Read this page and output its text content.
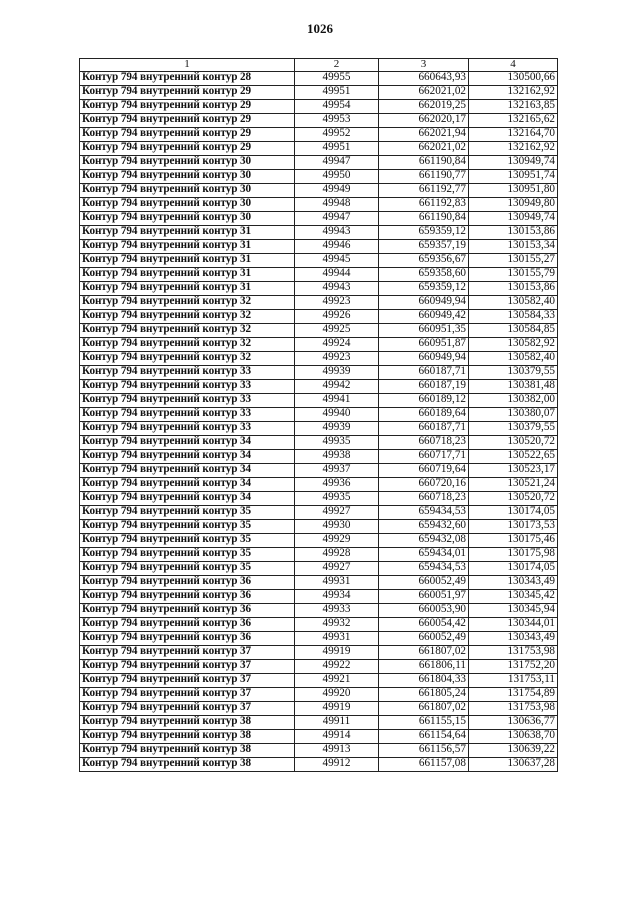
1026
1	2	3	4
Контур 794 внутренний контур 28	49955	660643,93	130500,66
Контур 794 внутренний контур 29	49951	662021,02	132162,92
Контур 794 внутренний контур 29	49954	662019,25	132163,85
Контур 794 внутренний контур 29	49953	662020,17	132165,62
Контур 794 внутренний контур 29	49952	662021,94	132164,70
Контур 794 внутренний контур 29	49951	662021,02	132162,92
Контур 794 внутренний контур 30	49947	661190,84	130949,74
Контур 794 внутренний контур 30	49950	661190,77	130951,74
Контур 794 внутренний контур 30	49949	661192,77	130951,80
Контур 794 внутренний контур 30	49948	661192,83	130949,80
Контур 794 внутренний контур 30	49947	661190,84	130949,74
Контур 794 внутренний контур 31	49943	659359,12	130153,86
Контур 794 внутренний контур 31	49946	659357,19	130153,34
Контур 794 внутренний контур 31	49945	659356,67	130155,27
Контур 794 внутренний контур 31	49944	659358,60	130155,79
Контур 794 внутренний контур 31	49943	659359,12	130153,86
Контур 794 внутренний контур 32	49923	660949,94	130582,40
Контур 794 внутренний контур 32	49926	660949,42	130584,33
Контур 794 внутренний контур 32	49925	660951,35	130584,85
Контур 794 внутренний контур 32	49924	660951,87	130582,92
Контур 794 внутренний контур 32	49923	660949,94	130582,40
Контур 794 внутренний контур 33	49939	660187,71	130379,55
Контур 794 внутренний контур 33	49942	660187,19	130381,48
Контур 794 внутренний контур 33	49941	660189,12	130382,00
Контур 794 внутренний контур 33	49940	660189,64	130380,07
Контур 794 внутренний контур 33	49939	660187,71	130379,55
Контур 794 внутренний контур 34	49935	660718,23	130520,72
Контур 794 внутренний контур 34	49938	660717,71	130522,65
Контур 794 внутренний контур 34	49937	660719,64	130523,17
Контур 794 внутренний контур 34	49936	660720,16	130521,24
Контур 794 внутренний контур 34	49935	660718,23	130520,72
Контур 794 внутренний контур 35	49927	659434,53	130174,05
Контур 794 внутренний контур 35	49930	659432,60	130173,53
Контур 794 внутренний контур 35	49929	659432,08	130175,46
Контур 794 внутренний контур 35	49928	659434,01	130175,98
Контур 794 внутренний контур 35	49927	659434,53	130174,05
Контур 794 внутренний контур 36	49931	660052,49	130343,49
Контур 794 внутренний контур 36	49934	660051,97	130345,42
Контур 794 внутренний контур 36	49933	660053,90	130345,94
Контур 794 внутренний контур 36	49932	660054,42	130344,01
Контур 794 внутренний контур 36	49931	660052,49	130343,49
Контур 794 внутренний контур 37	49919	661807,02	131753,98
Контур 794 внутренний контур 37	49922	661806,11	131752,20
Контур 794 внутренний контур 37	49921	661804,33	131753,11
Контур 794 внутренний контур 37	49920	661805,24	131754,89
Контур 794 внутренний контур 37	49919	661807,02	131753,98
Контур 794 внутренний контур 38	49911	661155,15	130636,77
Контур 794 внутренний контур 38	49914	661154,64	130638,70
Контур 794 внутренний контур 38	49913	661156,57	130639,22
Контур 794 внутренний контур 38	49912	661157,08	130637,28
